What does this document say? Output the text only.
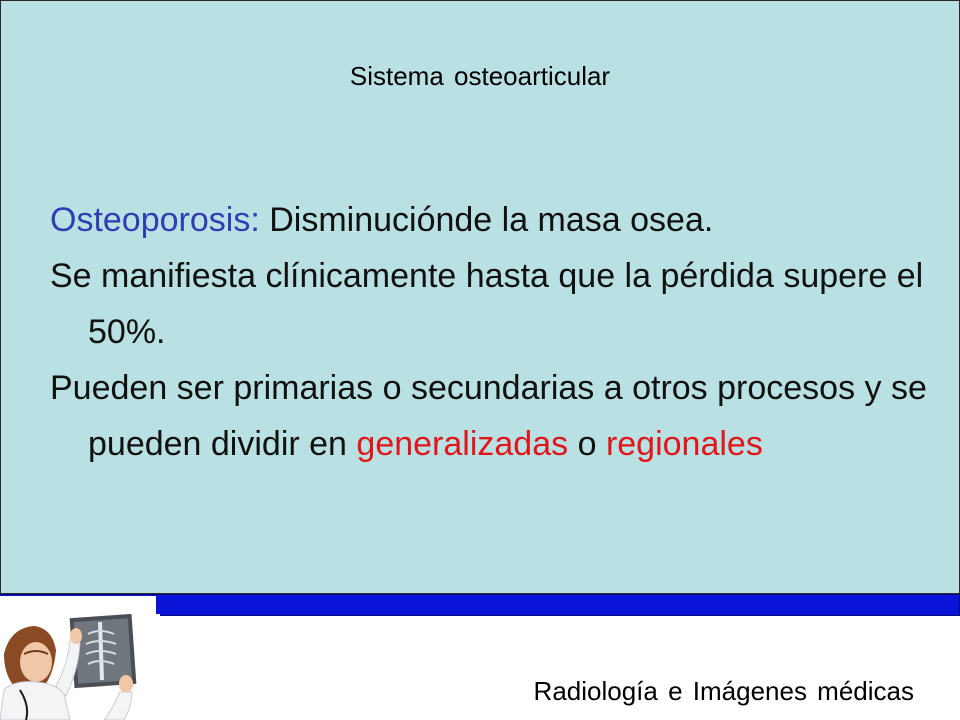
Sistema osteoarticular

Osteoporosis: Disminucióndе la masa osea.

Se manifiesta clínicamente hasta que la pérdida supere el 50%.

Pueden ser primarias o secundarias a otros procesos y se pueden dividir en generalizadas o regionales

Radiología e Imágenes médicas
